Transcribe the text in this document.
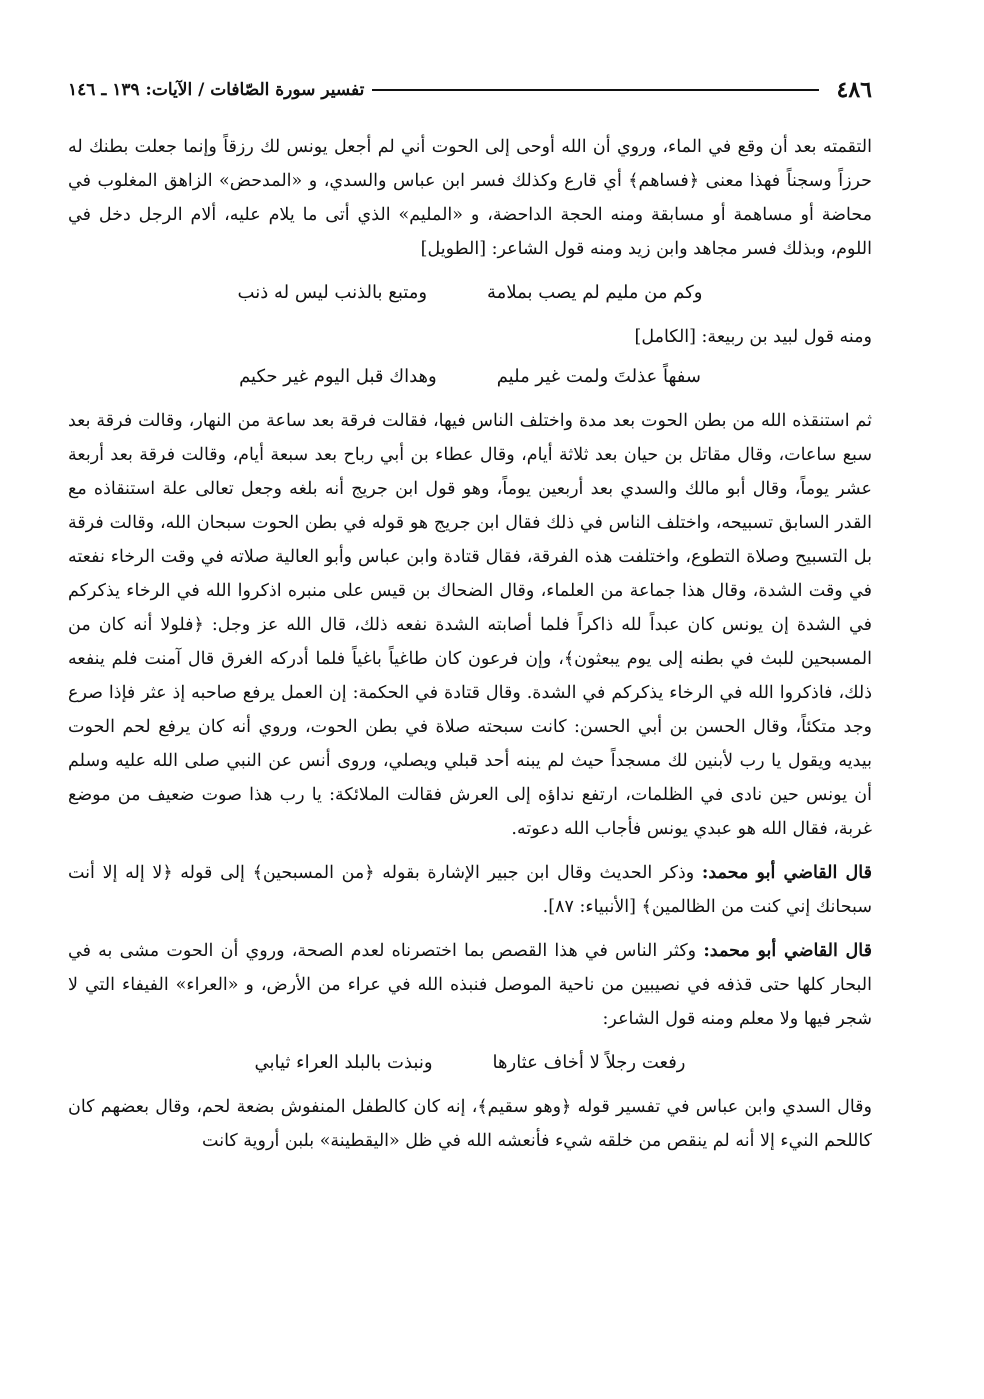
٤٨٦
تفسير سورة الصّافات / الآيات: ١٣٩ ـ ١٤٦

التقمته بعد أن وقع في الماء، وروي أن الله أوحى إلى الحوت أني لم أجعل يونس لك رزقاً وإنما جعلت بطنك له حرزاً وسجناً فهذا معنى ﴿فساهم﴾ أي قارع وكذلك فسر ابن عباس والسدي، و «المدحض» الزاهق المغلوب في محاضة أو مساهمة أو مسابقة ومنه الحجة الداحضة، و «المليم» الذي أتى ما يلام عليه، ألام الرجل دخل في اللوم، وبذلك فسر مجاهد وابن زيد ومنه قول الشاعر: [الطويل]

وكم من مليم لم يصب بملامة
ومتبع بالذنب ليس له ذنب

ومنه قول لبيد بن ربيعة: [الكامل]

سفهاً عذلتَ ولمت غير مليم
وهداك قبل اليوم غير حكيم

ثم استنقذه الله من بطن الحوت بعد مدة واختلف الناس فيها، فقالت فرقة بعد ساعة من النهار، وقالت فرقة بعد سبع ساعات، وقال مقاتل بن حيان بعد ثلاثة أيام، وقال عطاء بن أبي رباح بعد سبعة أيام، وقالت فرقة بعد أربعة عشر يوماً، وقال أبو مالك والسدي بعد أربعين يوماً، وهو قول ابن جريج أنه بلغه وجعل تعالى علة استنقاذه مع القدر السابق تسبيحه، واختلف الناس في ذلك فقال ابن جريج هو قوله في بطن الحوت سبحان الله، وقالت فرقة بل التسبيح وصلاة التطوع، واختلفت هذه الفرقة، فقال قتادة وابن عباس وأبو العالية صلاته في وقت الرخاء نفعته في وقت الشدة، وقال هذا جماعة من العلماء، وقال الضحاك بن قيس على منبره اذكروا الله في الرخاء يذكركم في الشدة إن يونس كان عبداً لله ذاكراً فلما أصابته الشدة نفعه ذلك، قال الله عز وجل: ﴿فلولا أنه كان من المسبحين للبث في بطنه إلى يوم يبعثون﴾، وإن فرعون كان طاغياً باغياً فلما أدركه الغرق قال آمنت فلم ينفعه ذلك، فاذكروا الله في الرخاء يذكركم في الشدة. وقال قتادة في الحكمة: إن العمل يرفع صاحبه إذ عثر فإذا صرع وجد متكئاً، وقال الحسن بن أبي الحسن: كانت سبحته صلاة في بطن الحوت، وروي أنه كان يرفع لحم الحوت بيديه ويقول يا رب لأبنين لك مسجداً حيث لم يبنه أحد قبلي ويصلي، وروى أنس عن النبي صلى الله عليه وسلم أن يونس حين نادى في الظلمات، ارتفع نداؤه إلى العرش فقالت الملائكة: يا رب هذا صوت ضعيف من موضع غربة، فقال الله هو عبدي يونس فأجاب الله دعوته.

قال القاضي أبو محمد: وذكر الحديث وقال ابن جبير الإشارة بقوله ﴿من المسبحين﴾ إلى قوله ﴿لا إله إلا أنت سبحانك إني كنت من الظالمين﴾ [الأنبياء: ٨٧].

قال القاضي أبو محمد: وكثر الناس في هذا القصص بما اختصرناه لعدم الصحة، وروي أن الحوت مشى به في البحار كلها حتى قذفه في نصيبين من ناحية الموصل فنبذه الله في عراء من الأرض، و «العراء» الفيفاء التي لا شجر فيها ولا معلم ومنه قول الشاعر:

رفعت رجلاً لا أخاف عثارها
ونبذت بالبلد العراء ثيابي

وقال السدي وابن عباس في تفسير قوله ﴿وهو سقيم﴾، إنه كان كالطفل المنفوش بضعة لحم، وقال بعضهم كان كاللحم النيء إلا أنه لم ينقص من خلقه شيء فأنعشه الله في ظل «اليقطينة» بلبن أروية كانت
